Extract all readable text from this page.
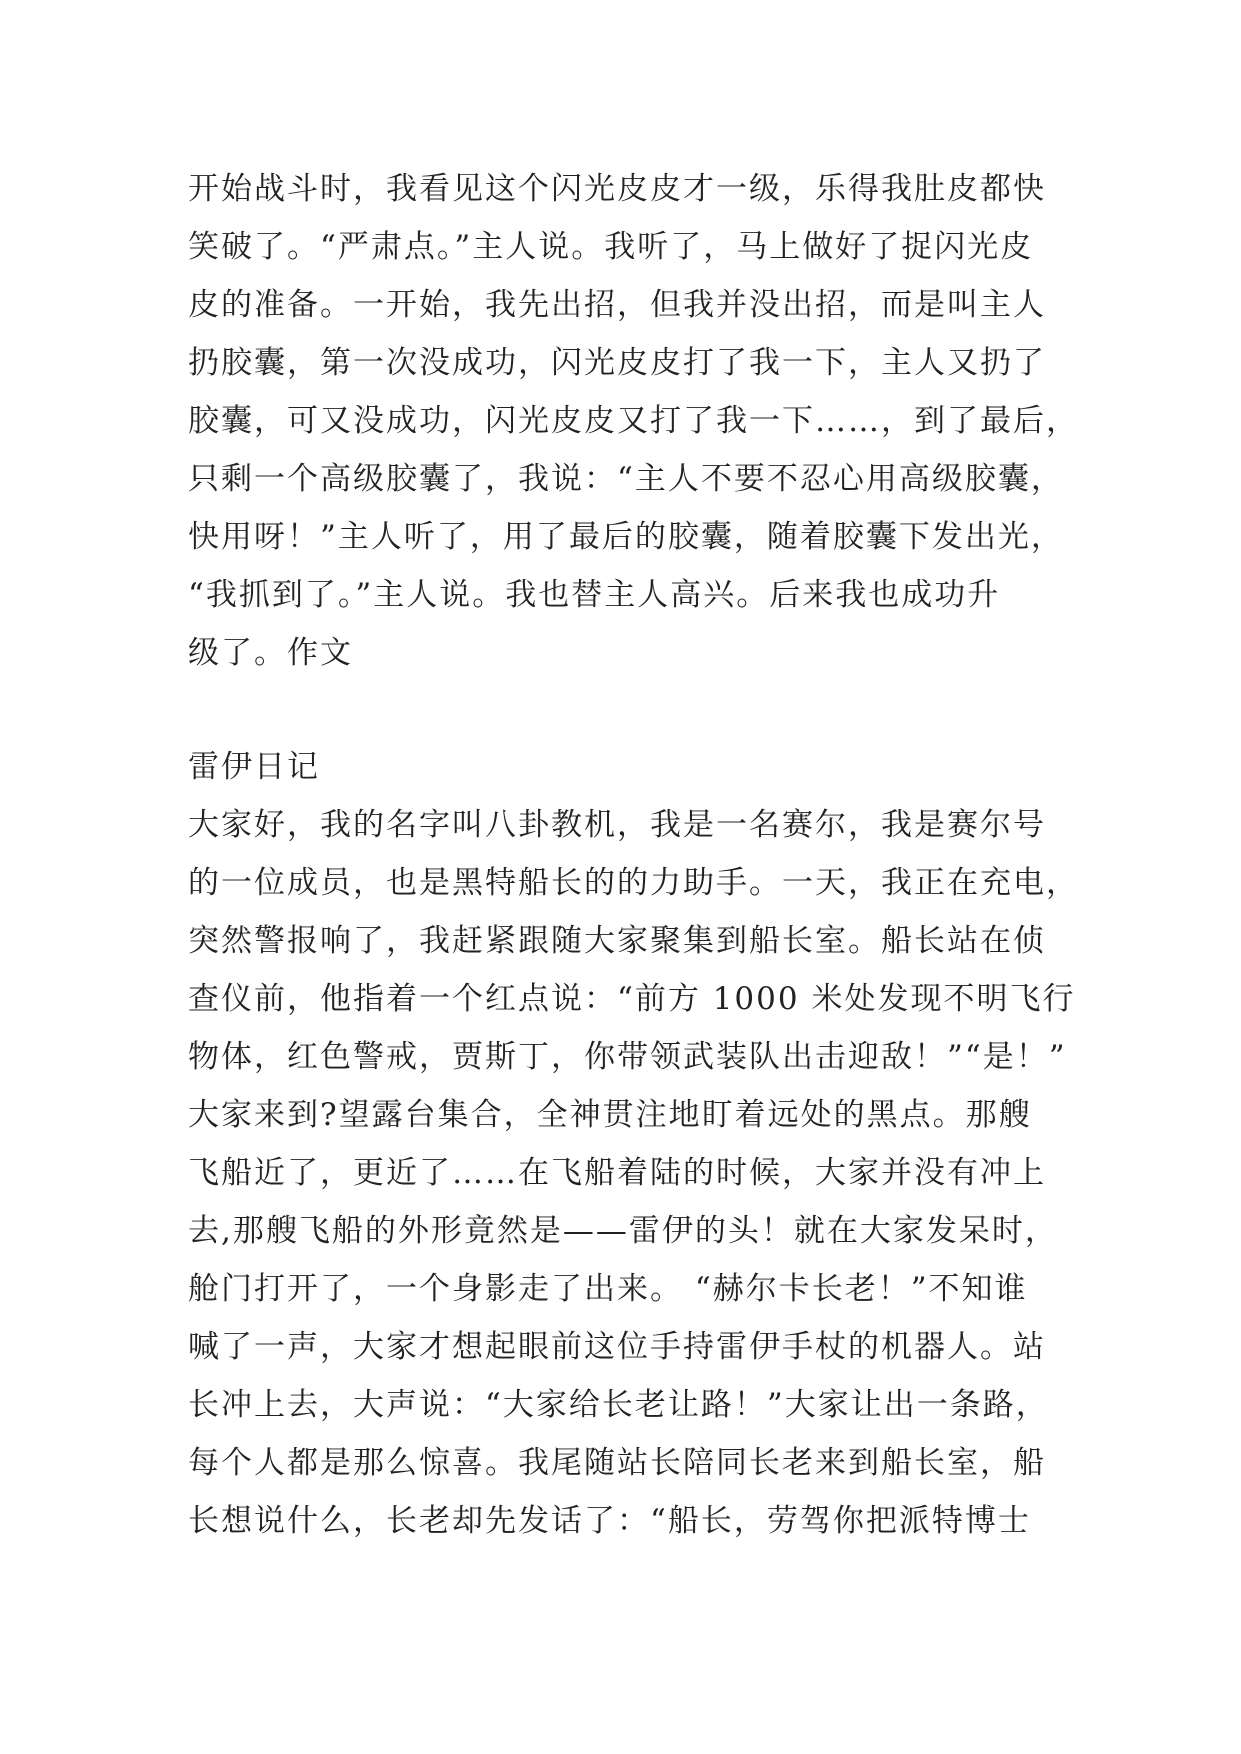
开始战斗时，我看见这个闪光皮皮才一级，乐得我肚皮都快
笑破了。“严肃点。”主人说。我听了，马上做好了捉闪光皮
皮的准备。一开始，我先出招，但我并没出招，而是叫主人
扔胶囊，第一次没成功，闪光皮皮打了我一下，主人又扔了
胶囊，可又没成功，闪光皮皮又打了我一下……，到了最后，
只剩一个高级胶囊了，我说：“主人不要不忍心用高级胶囊，
快用呀！”主人听了，用了最后的胶囊，随着胶囊下发出光，
“我抓到了。”主人说。我也替主人高兴。后来我也成功升
级了。作文
雷伊日记
大家好，我的名字叫八卦教机，我是一名赛尔，我是赛尔号
的一位成员，也是黑特船长的的力助手。一天，我正在充电，
突然警报响了，我赶紧跟随大家聚集到船长室。船长站在侦
查仪前，他指着一个红点说：“前方 1000 米处发现不明飞行
物体，红色警戒，贾斯丁，你带领武装队出击迎敌！”“是！”
大家来到?望露台集合，全神贯注地盯着远处的黑点。那艘
飞船近了，更近了……在飞船着陆的时候，大家并没有冲上
去,那艘飞船的外形竟然是——雷伊的头！就在大家发呆时，
舱门打开了，一个身影走了出来。 “赫尔卡长老！”不知谁
喊了一声，大家才想起眼前这位手持雷伊手杖的机器人。站
长冲上去，大声说：“大家给长老让路！”大家让出一条路，
每个人都是那么惊喜。我尾随站长陪同长老来到船长室，船
长想说什么，长老却先发话了：“船长，劳驾你把派特博士
